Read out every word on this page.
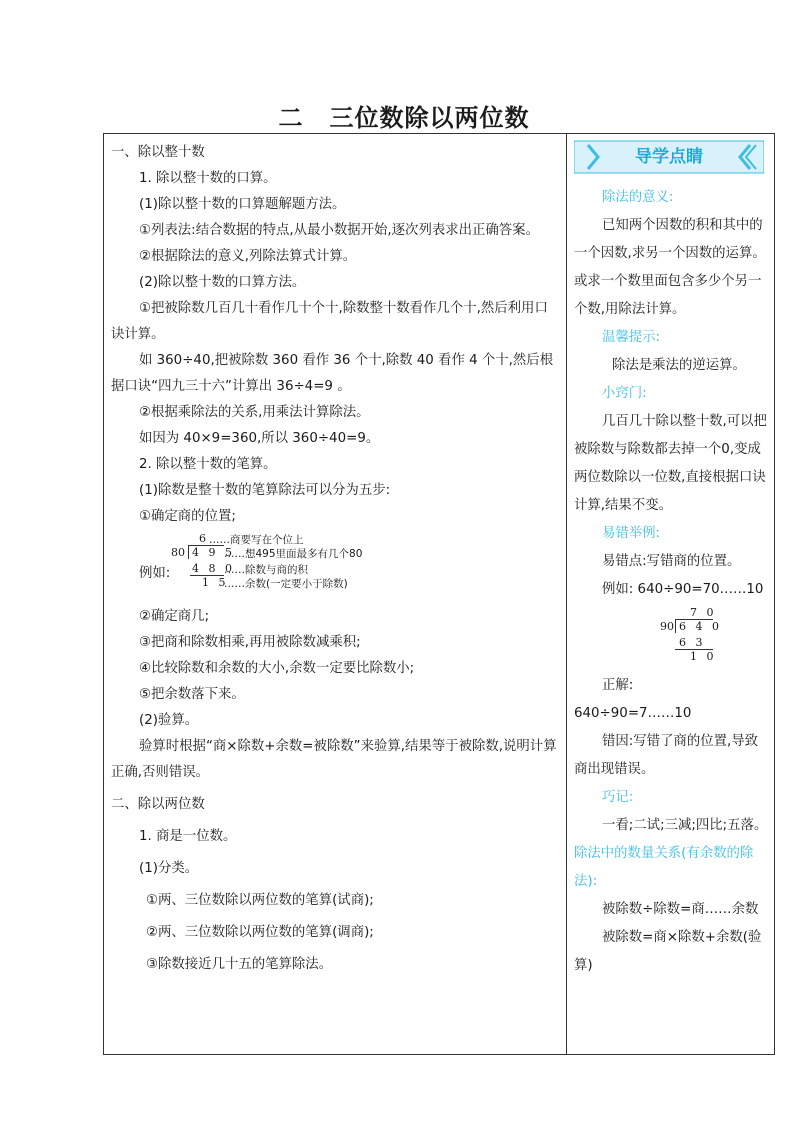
二 三位数除以两位数
一、除以整十数
1. 除以整十数的口算。
(1)除以整十数的口算题解题方法。
①列表法:结合数据的特点,从最小数据开始,逐次列表求出正确答案。
②根据除法的意义,列除法算式计算。
(2)除以整十数的口算方法。
①把被除数几百几十看作几十个十,除数整十数看作几个十,然后利用口诀计算。
如 360÷40,把被除数 360 看作 36 个十,除数 40 看作 4 个十,然后根据口诀“四九三十六”计算出 36÷4=9 。
②根据乘除法的关系,用乘法计算除法。
如因为 40×9=360,所以 360÷40=9。
2. 除以整十数的笔算。
(1)除数是整十数的笔算除法可以分为五步:
①确定商的位置;
例如:
6 ……商要写在个位上
80 4 9 5
……想495里面最多有几个80
4 8 0
……除数与商的积
1 5
……余数(一定要小于除数)
②确定商几;
③把商和除数相乘,再用被除数减乘积;
④比较除数和余数的大小,余数一定要比除数小;
⑤把余数落下来。
(2)验算。
验算时根据“商×除数+余数=被除数”来验算,结果等于被除数,说明计算正确,否则错误。
二、除以两位数
1. 商是一位数。
(1)分类。
①两、三位数除以两位数的笔算(试商);
②两、三位数除以两位数的笔算(调商);
③除数接近几十五的笔算除法。
导学点睛
除法的意义:
已知两个因数的积和其中的一个因数,求另一个因数的运算。或求一个数里面包含多少个另一个数,用除法计算。
温馨提示:
除法是乘法的逆运算。
小窍门:
几百几十除以整十数,可以把被除数与除数都去掉一个0,变成两位数除以一位数,直接根据口诀计算,结果不变。
易错举例:
易错点:写错商的位置。
例如: 640÷90=70……10
7 0
90 6 4 0
6 3
1 0
正解:
640÷90=7……10
错因:写错了商的位置,导致商出现错误。
巧记:
一看;二试;三减;四比;五落。
除法中的数量关系(有余数的除法):
被除数÷除数=商……余数
被除数=商×除数+余数(验算)
